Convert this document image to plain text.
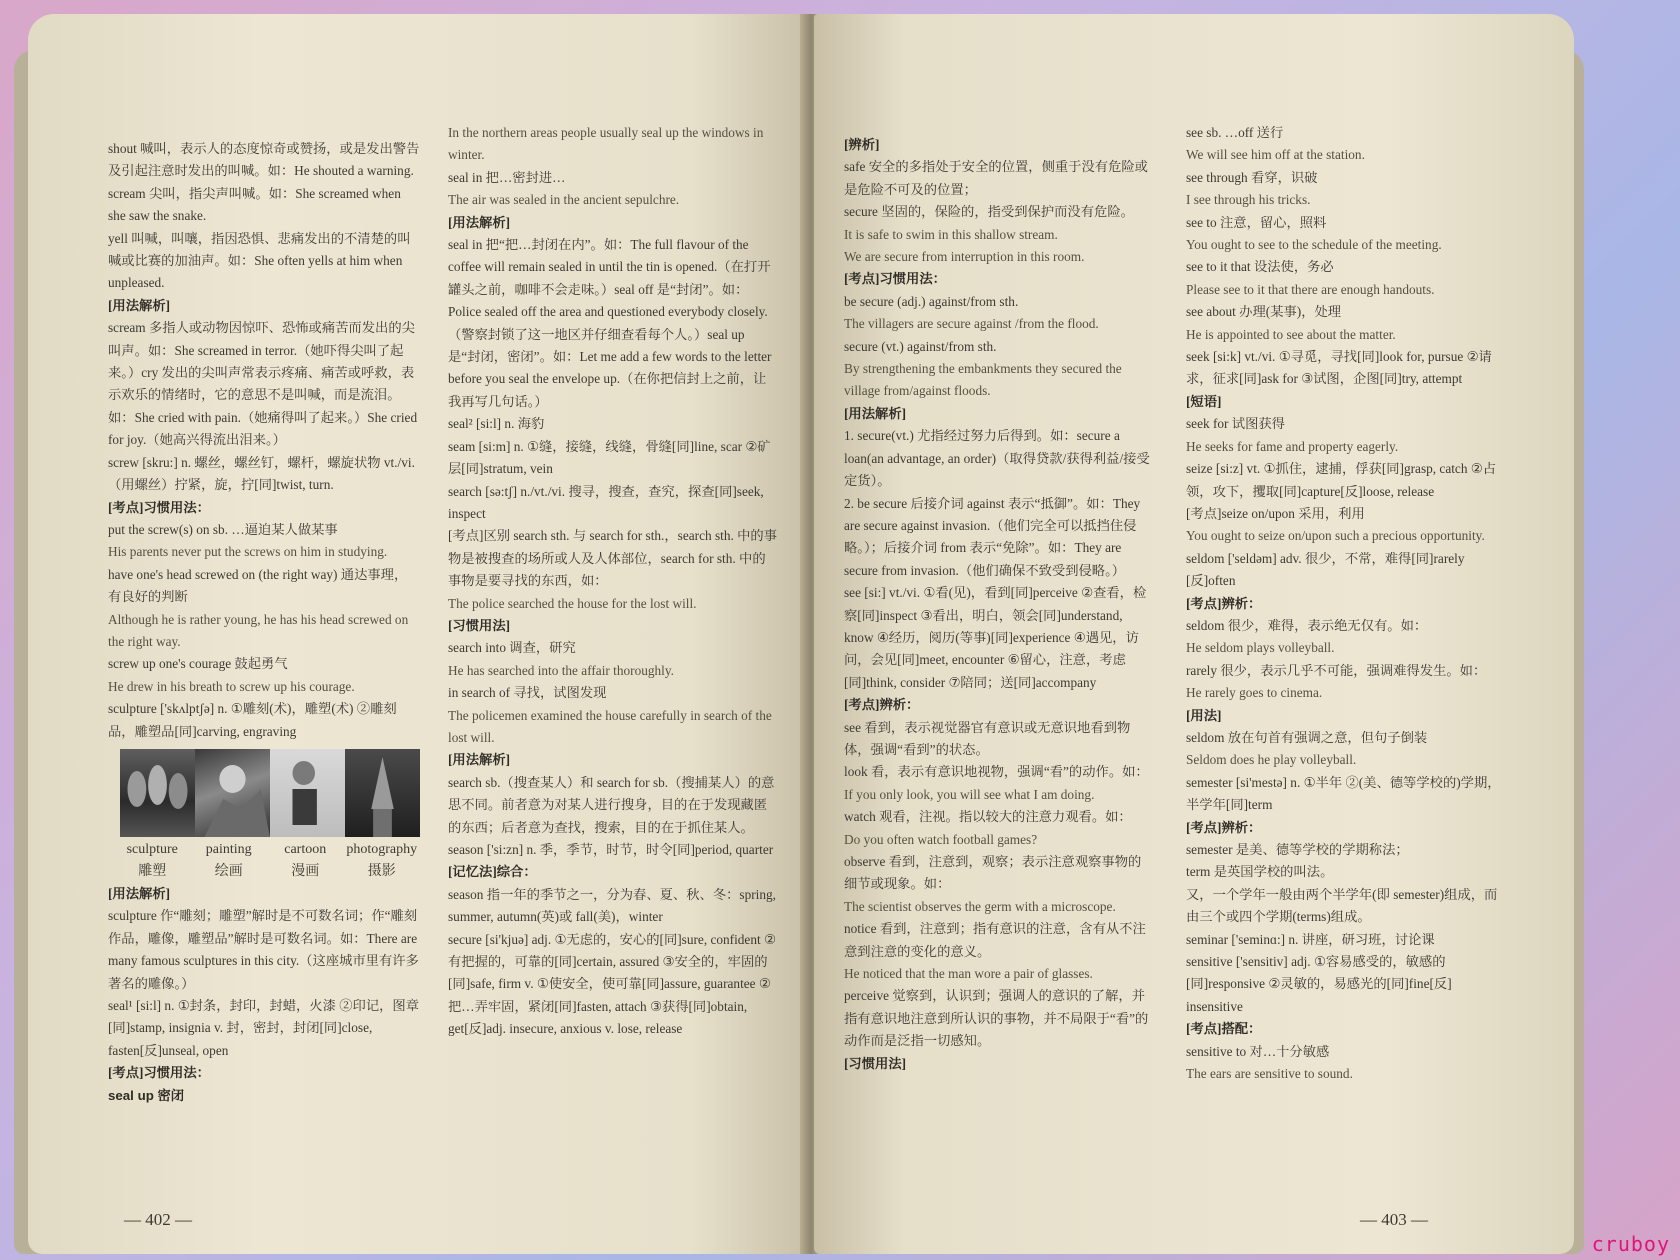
shout 喊叫，表示人的态度惊奇或赞扬，或是发出警告及引起注意时发出的叫喊。如：He shouted a warning.

scream 尖叫，指尖声叫喊。如：She screamed when she saw the snake.

yell 叫喊，叫嚷，指因恐惧、悲痛发出的不清楚的叫喊或比赛的加油声。如：She often yells at him when unpleased.

[用法解析]

scream 多指人或动物因惊吓、恐怖或痛苦而发出的尖叫声。如：She screamed in terror.（她吓得尖叫了起来。）cry 发出的尖叫声常表示疼痛、痛苦或呼救，表示欢乐的情绪时，它的意思不是叫喊，而是流泪。如：She cried with pain.（她痛得叫了起来。）She cried for joy.（她高兴得流出泪来。）

screw [skru:] n. 螺丝，螺丝钉，螺杆，螺旋状物 vt./vi.（用螺丝）拧紧，旋，拧[同]twist, turn.

[考点]习惯用法：

put the screw(s) on sb. …逼迫某人做某事

His parents never put the screws on him in studying.

have one's head screwed on (the right way) 通达事理，有良好的判断

Although he is rather young, he has his head screwed on the right way.

screw up one's courage 鼓起勇气

He drew in his breath to screw up his courage.

sculpture ['skʌlptʃə] n. ①雕刻(术)，雕塑(术) ②雕刻品，雕塑品[同]carving, engraving

sculpture	painting	cartoon	photography
雕塑	绘画	漫画	摄影

[用法解析]

sculpture 作“雕刻；雕塑”解时是不可数名词；作“雕刻作品，雕像，雕塑品”解时是可数名词。如：There are many famous sculptures in this city.（这座城市里有许多著名的雕像。）

seal¹ [si:l] n. ①封条，封印，封蜡，火漆 ②印记，图章[同]stamp, insignia v. 封，密封，封闭[同]close, fasten[反]unseal, open

[考点]习惯用法：

seal up 密闭

In the northern areas people usually seal up the windows in winter.

seal in 把…密封进…

The air was sealed in the ancient sepulchre.

[用法解析]

seal in 把“把…封闭在内”。如：The full flavour of the coffee will remain sealed in until the tin is opened.（在打开罐头之前，咖啡不会走味。）seal off 是“封闭”。如：Police sealed off the area and questioned everybody closely.（警察封锁了这一地区并仔细查看每个人。）seal up 是“封闭，密闭”。如：Let me add a few words to the letter before you seal the envelope up.（在你把信封上之前，让我再写几句话。）

seal² [si:l] n. 海豹

seam [si:m] n. ①缝，接缝，线缝，骨缝[同]line, scar ②矿层[同]stratum, vein

search [sə:tʃ] n./vt./vi. 搜寻，搜查，查究，探查[同]seek, inspect

[考点]区别 search sth. 与 search for sth.，search sth. 中的事物是被搜查的场所或人及人体部位，search for sth. 中的事物是要寻找的东西，如：

The police searched the house for the lost will.

[习惯用法]

search into 调查，研究

He has searched into the affair thoroughly.

in search of 寻找，试图发现

The policemen examined the house carefully in search of the lost will.

[用法解析]

search sb.（搜查某人）和 search for sb.（搜捕某人）的意思不同。前者意为对某人进行搜身，目的在于发现藏匿的东西；后者意为查找，搜索，目的在于抓住某人。

season ['si:zn] n. 季，季节，时节，时令[同]period, quarter

[记忆法]综合：

season 指一年的季节之一，分为春、夏、秋、冬：spring, summer, autumn(英)或 fall(美)，winter

secure [si'kjuə] adj. ①无虑的，安心的[同]sure, confident ②有把握的，可靠的[同]certain, assured ③安全的，牢固的[同]safe, firm v. ①使安全，使可靠[同]assure, guarantee ②把…弄牢固，紧闭[同]fasten, attach ③获得[同]obtain, get[反]adj. insecure, anxious v. lose, release

— 402 —

[辨析]

safe 安全的多指处于安全的位置，侧重于没有危险或是危险不可及的位置；

secure 坚固的，保险的，指受到保护而没有危险。

It is safe to swim in this shallow stream.

We are secure from interruption in this room.

[考点]习惯用法：

be secure (adj.) against/from sth.

The villagers are secure against /from the flood.

secure (vt.) against/from sth.

By strengthening the embankments they secured the village from/against floods.

[用法解析]

1. secure(vt.) 尤指经过努力后得到。如：secure a loan(an advantage, an order)（取得贷款/获得利益/接受定货）。

2. be secure 后接介词 against 表示“抵御”。如：They are secure against invasion.（他们完全可以抵挡住侵略。）；后接介词 from 表示“免除”。如：They are secure from invasion.（他们确保不致受到侵略。）

see [si:] vt./vi. ①看(见)，看到[同]perceive ②查看，检察[同]inspect ③看出，明白，领会[同]understand, know ④经历，阅历(等事)[同]experience ④遇见，访问，会见[同]meet, encounter ⑥留心，注意，考虑[同]think, consider ⑦陪同；送[同]accompany

[考点]辨析：

see 看到，表示视觉器官有意识或无意识地看到物体，强调“看到”的状态。

look 看，表示有意识地视物，强调“看”的动作。如：

If you only look, you will see what I am doing.

watch 观看，注视。指以较大的注意力观看。如：

Do you often watch football games?

observe 看到，注意到，观察；表示注意观察事物的细节或现象。如：

The scientist observes the germ with a microscope.

notice 看到，注意到；指有意识的注意，含有从不注意到注意的变化的意义。

He noticed that the man wore a pair of glasses.

perceive 觉察到，认识到；强调人的意识的了解，并指有意识地注意到所认识的事物，并不局限于“看”的动作而是泛指一切感知。

[习惯用法]

see sb. …off 送行

We will see him off at the station.

see through 看穿，识破

I see through his tricks.

see to 注意，留心，照料

You ought to see to the schedule of the meeting.

see to it that 设法使，务必

Please see to it that there are enough handouts.

see about 办理(某事)，处理

He is appointed to see about the matter.

seek [si:k] vt./vi. ①寻觅，寻找[同]look for, pursue ②请求，征求[同]ask for ③试图，企图[同]try, attempt

[短语]

seek for 试图获得

He seeks for fame and property eagerly.

seize [si:z] vt. ①抓住，逮捕，俘获[同]grasp, catch ②占领，攻下，攫取[同]capture[反]loose, release

[考点]seize on/upon 采用，利用

You ought to seize on/upon such a precious opportunity.

seldom ['seldəm] adv. 很少，不常，难得[同]rarely [反]often

[考点]辨析：

seldom 很少，难得，表示绝无仅有。如：

He seldom plays volleyball.

rarely 很少，表示几乎不可能，强调难得发生。如：

He rarely goes to cinema.

[用法]

seldom 放在句首有强调之意，但句子倒装

Seldom does he play volleyball.

semester [si'mestə] n. ①半年 ②(美、德等学校的)学期，半学年[同]term

[考点]辨析：

semester 是美、德等学校的学期称法；

term 是英国学校的叫法。

又，一个学年一般由两个半学年(即 semester)组成，而由三个或四个学期(terms)组成。

seminar ['seminɑ:] n. 讲座，研习班，讨论课

sensitive ['sensitiv] adj. ①容易感受的，敏感的[同]responsive ②灵敏的，易感光的[同]fine[反] insensitive

[考点]搭配：

sensitive to 对…十分敏感

The ears are sensitive to sound.

— 403 —
cruboy
